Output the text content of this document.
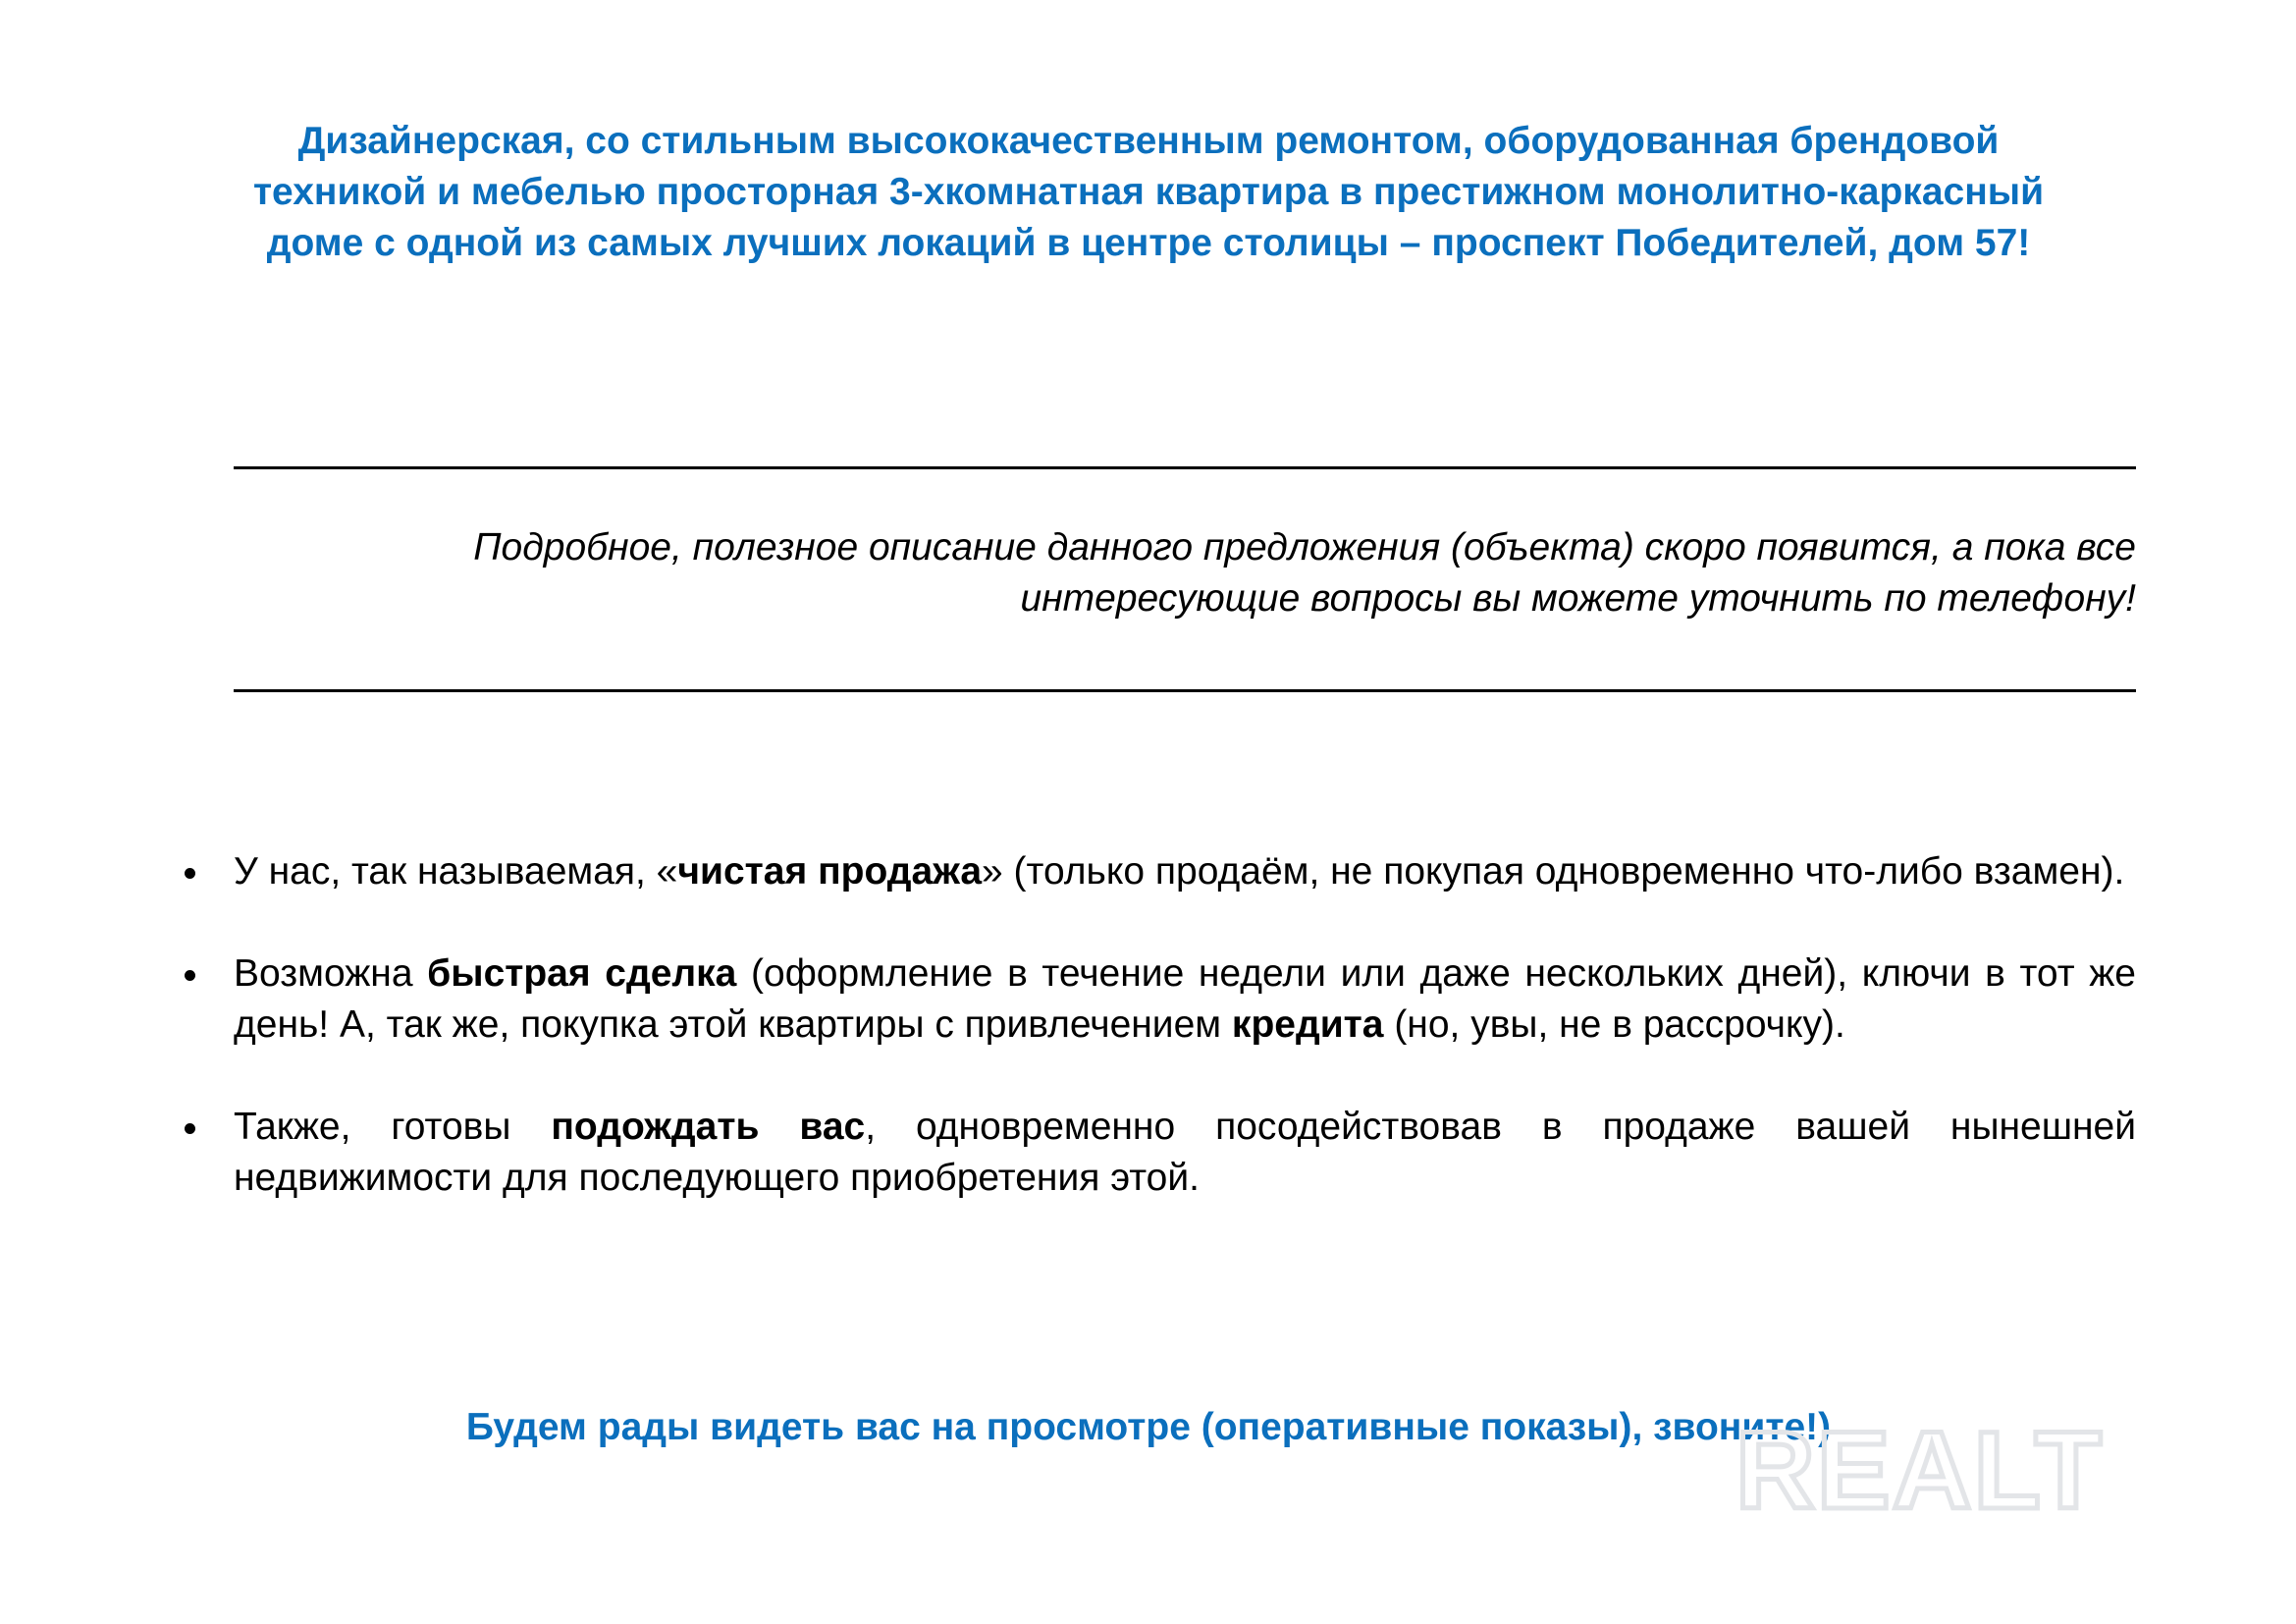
Дизайнерская, со стильным высококачественным ремонтом, оборудованная брендовой техникой и мебелью просторная 3-хкомнатная квартира в престижном монолитно-каркасный доме с одной из самых лучших локаций в центре столицы – проспект Победителей, дом 57!

Подробное, полезное описание данного предложения (объекта) скоро появится, а пока все интересующие вопросы вы можете уточнить по телефону!

У нас, так называемая, «чистая продажа» (только продаём, не покупая одновременно что-либо взамен).
Возможна быстрая сделка (оформление в течение недели или даже нескольких дней), ключи в тот же день! А, так же, покупка этой квартиры с привлечением кредита (но, увы, не в рассрочку).
Также, готовы подождать вас, одновременно посодействовав в продаже вашей нынешней недвижимости для последующего приобретения этой.

Будем рады видеть вас на просмотре (оперативные показы), звоните!)

REALT
